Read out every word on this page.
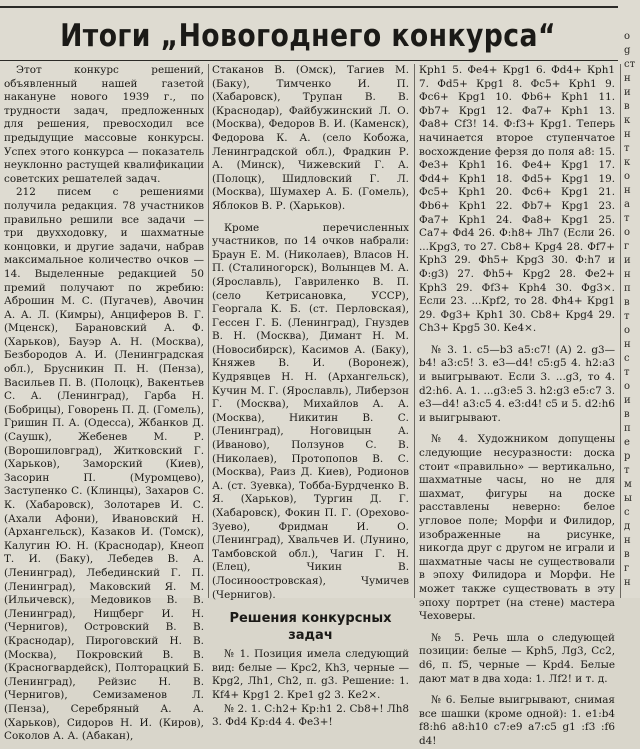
Итоги „Новогоднего конкурса“

Этот конкурс решений, объявленный нашей газетой накануне нового 1939 г., по трудности задач, предложенных для решения, превосходил все предыдущие массовые конкурсы. Успех этого конкурса — показатель неуклонно растущей квалификации советских решателей задач.

212 писем с решениями получила редакция. 78 участников правильно решили все задачи — три двухходовку, и шахматные концовки, и другие задачи, набрав максимальное количество очков — 14. Выделенные редакцией 50 премий получают по жребию: Аброшин М. С. (Пугачев), Авочин А. А. Л. (Кимры), Анциферов В. Г. (Мценск), Барановский А. Ф. (Харьков), Бауэр А. Н. (Москва), Безбородов А. И. (Ленинградская обл.), Брусникин П. Н. (Пенза), Васильев П. В. (Полоцк), Вакентьев С. А. (Ленинград), Гарба Н. (Бобрицы), Говорень П. Д. (Гомель), Гришин П. А. (Одесса), Жбанков Д. (Саушк), Жебенев М. Р. (Ворошиловград), Житковский Г. (Харьков), Заморский (Киев), Засорин П. (Муромцево), Заступенко С. (Клинцы), Захаров С. К. (Хабаровск), Золотарев И. С. (Ахали Афони), Ивановский Н. (Архангельск), Казаков И. (Томск), Калугин Ю. Н. (Краснодар), Кнеоп Т. И. (Баку), Лебедев В. А. (Ленинград), Лебединский Г. П. (Ленинград), Маковский Я. М. (Ильичевск), Медовиков В. В. (Ленинград), Нищберг И. Н. (Чернигов), Островский В. В. (Краснодар), Пироговский Н. В. (Москва), Покровский В. В. (Красногвардейск), Полторацкий Б. (Ленинград), Рейзис Н. В. (Чернигов), Семизаменов Л. (Пенза), Серебряный А. А. (Харьков), Сидоров Н. И. (Киров), Соколов А. А. (Абакан),

Стаканов В. (Омск), Тагиев М. (Баку), Тимченко И. П. (Хабаровск), Трупан В. В. (Краснодар), Файбужинский Л. О. (Москва), Федоров В. И. (Каменск), Федорова К. А. (село Кобожа, Ленинградской обл.), Фрадкин Р. А. (Минск), Чижевский Г. А. (Полоцк), Шидловский Г. Л. (Москва), Шумахер А. Б. (Гомель), Яблоков В. Р. (Харьков).

Кроме перечисленных участников, по 14 очков набрали: Браун Е. М. (Николаев), Власов Н. П. (Сталиногорск), Волынцев М. А. (Ярославль), Гавриленко В. П. (село Кетрисановка, УССР), Георгала К. Б. (ст. Перловская), Гессен Г. Б. (Ленинград), Гнуздев В. Н. (Москва), Димант Н. М. (Новосибирск), Касимов А. (Баку), Княжев В. И. (Воронеж), Кудрявцев Н. Н. (Архангельск), Кучин М. Г. (Ярославль), Либерзон Г. (Москва), Михайлов А. А. (Москва), Никитин В. С. (Ленинград), Ноговицын А. (Иваново), Ползунов С. В. (Николаев), Протопопов В. С. (Москва), Раиз Д. Киев), Родионов А. (ст. Зуевка), Тобба-Бурдченко В. Я. (Харьков), Тургин Д. Г. (Хабаровск), Фокин П. Г. (Орехово-Зуево), Фридман И. О. (Ленинград), Хвальчев И. (Лунино, Тамбовской обл.), Чагин Г. Н. (Елец), Чикин В. (Лосиноостровская), Чумичев (Чернигов).

Решения конкурсных задач

№ 1. Позиция имела следующий вид: белые — Крс2, Кh3, черные — Крg2, Лh1, Сh2, п. g3. Решение: 1. Кf4+ Крg1 2. Крe1 g2 3. Кe2×.

№ 2. 1. С:h2+ Кр:h1 2. Сb8+! Лh8 3. Фd4 Кр:d4 4. Фe3+!

Крh1 5. Фe4+ Крg1 6. Фd4+ Крh1 7. Фd5+ Крg1 8. Фс5+ Крh1 9. Фс6+ Крg1 10. Фb6+ Крh1 11. Фb7+ Крg1 12. Фа7+ Крh1 13. Фа8+ Сf3! 14. Ф:f3+ Крg1. Теперь начинается второе ступенчатое восхождение ферзя до поля а8: 15. Фe3+ Крh1 16. Фe4+ Крg1 17. Фd4+ Крh1 18. Фd5+ Крg1 19. Фс5+ Крh1 20. Фс6+ Крg1 21. Фb6+ Крh1 22. Фb7+ Крg1 23. Фа7+ Крh1 24. Фа8+ Крg1 25. Са7+ Фd4 26. Ф:h8+ Лh7 (Если 26. ...Крg3, то 27. Сb8+ Крg4 28. Фf7+ Крh3 29. Фh5+ Крg3 30. Ф:h7 и Ф:g3) 27. Фh5+ Крg2 28. Фe2+ Крh3 29. Фf3+ Крh4 30. Фg3×. Если 23. ...Крf2, то 28. Фh4+ Крg1 29. Фg3+ Крh1 30. Сb8+ Крg4 29. Ch3+ Крg5 30. Кe4×.

№ 3. 1. с5—b3 а5:с7! (А) 2. g3—b4! а3:с5! 3. е3—d4! с5:g5 4. h2:а3 и выигрывают. Если 3. ...g3, то 4. d2:h6. А. 1. ...g3:e5 3. h2:g3 e5:c7 3. е3—d4! а3:с5 4. е3:d4! с5 и 5. d2:h6 и выигрывают.

№ 4. Художником допущены следующие несуразности: доска стоит «правильно» — вертикально, шахматные часы, но не для шахмат, фигуры на доске расставлены неверно: белое угловое поле; Морфи и Филидор, изображенные на рисунке, никогда друг с другом не играли и шахматные часы не существовали в эпоху Филидора и Морфи. Не может также существовать в эту эпоху портрет (на стене) мастера Чеховеры.

№ 5. Речь шла о следующей позиции: белые — Крh5, Лg3, Сс2, d6, п. f5, черные — Крd4. Белые дают мат в два хода: 1. Лf2! и т. д.

№ 6. Белые выигрывают, снимая все шашки (кроме одной): 1. e1:b4 f8:h6 a8:h10 c7:e9 a7:c5 g1 :f3 :f6 d4!

о
g
ст
н
и
в
к
н
т
к
о
н
а
т
о
г
и
н
п
в
т
о
н
с
т
о
и
в
п
е
р
т
м
ы
с
д
н
в
г
н
